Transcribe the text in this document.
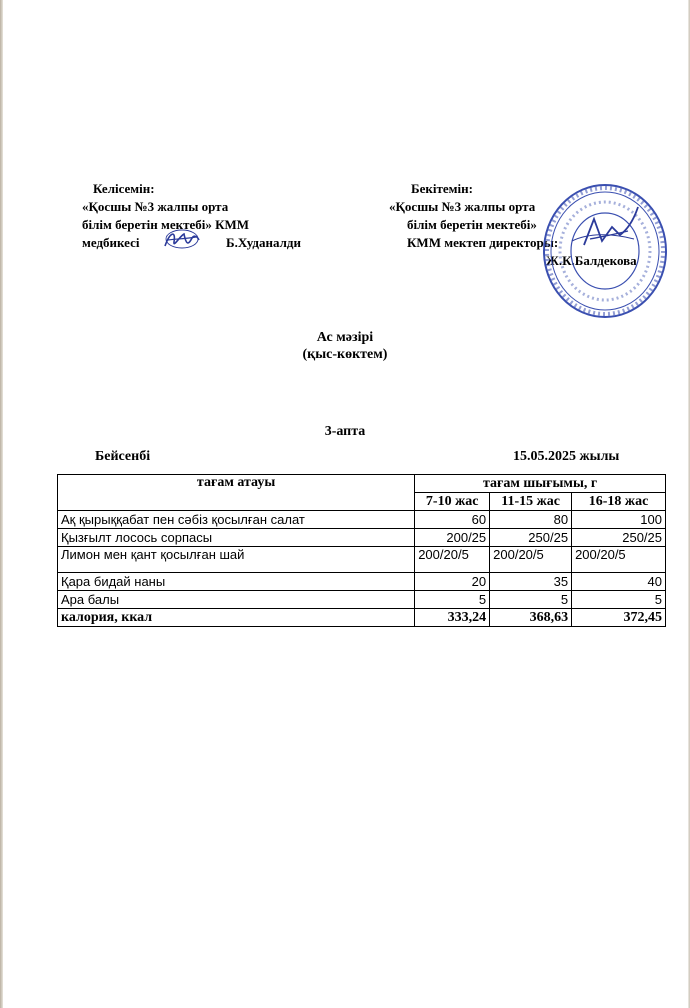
Келісемін:
«Қосшы №3 жалпы орта
білім беретін мектебі» КММ
медбикесі	Б.Худаналди
Бекітемін:
«Қосшы №3 жалпы орта
білім беретін мектебі»
КММ мектеп директоры:
Ж.К.Балдекова
Ас мәзірі
(қыс-көктем)
3-апта
Бейсенбі	15.05.2025 жылы
тағам атауы	тағам шығымы, г		
	7-10 жас	11-15 жас	16-18 жас
Ақ қырыққабат пен сәбіз қосылған салат	60	80	100
Қызғылт лосось сорпасы	200/25	250/25	250/25
Лимон мен қант қосылған шай	200/20/5	200/20/5	200/20/5
Қара бидай наны	20	35	40
Ара балы	5	5	5
калория, ккал	333,24	368,63	372,45
